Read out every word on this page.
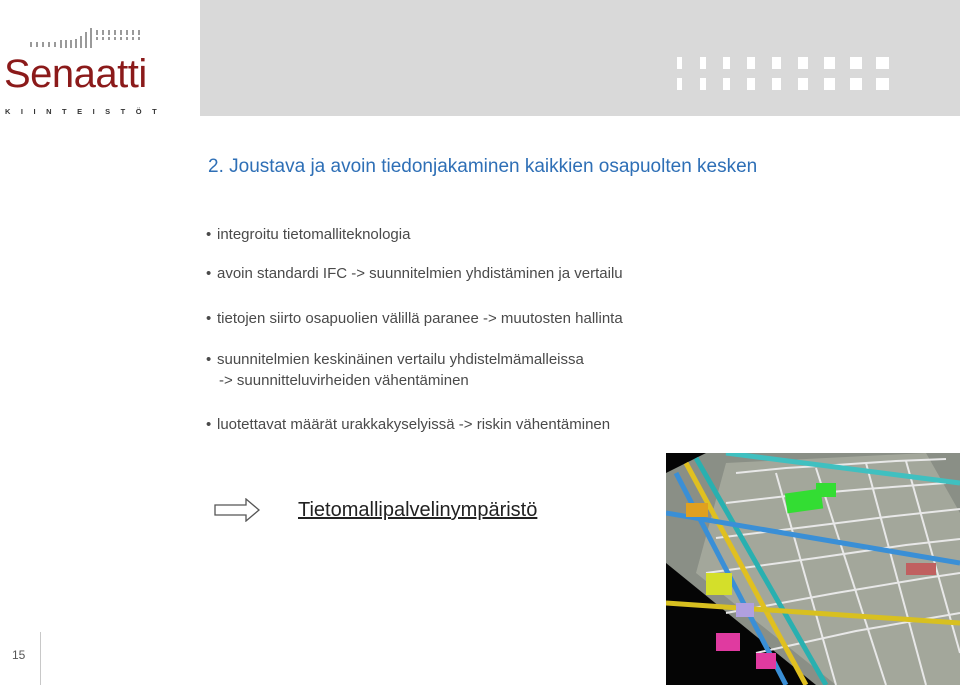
Senaatti
KIINTEISTÖT
2. Joustava ja avoin tiedonjakaminen kaikkien osapuolten kesken
• integroitu tietomalliteknologia
• avoin standardi IFC -> suunnitelmien yhdistäminen ja vertailu
• tietojen siirto osapuolien välillä paranee -> muutosten hallinta
• suunnitelmien keskinäinen vertailu yhdistelmämalleissa
-> suunnitteluvirheiden vähentäminen
• luotettavat määrät urakkakyselyissä -> riskin vähentäminen
Tietomallipalvelinympäristö
15
